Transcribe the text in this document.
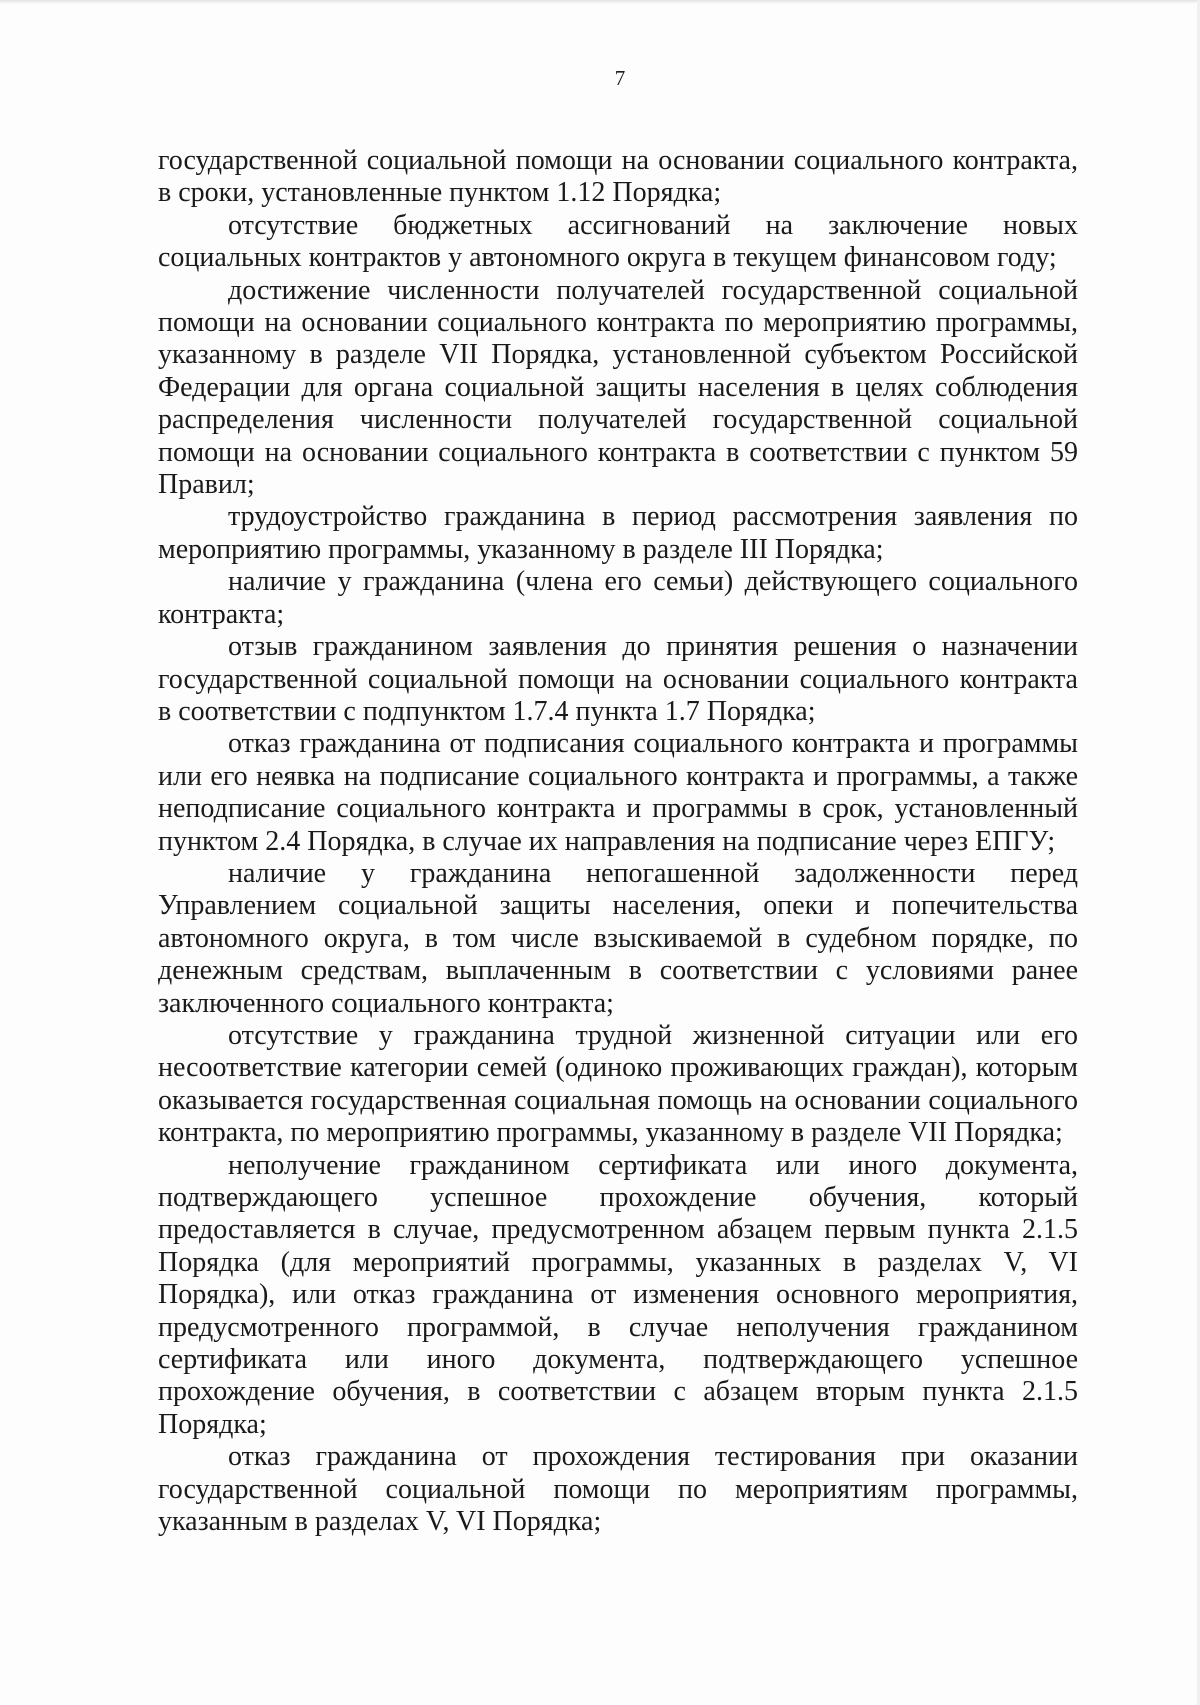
7

государственной социальной помощи на основании социального контракта, в сроки, установленные пунктом 1.12 Порядка;

отсутствие бюджетных ассигнований на заключение новых социальных контрактов у автономного округа в текущем финансовом году;

достижение численности получателей государственной социальной помощи на основании социального контракта по мероприятию программы, указанному в разделе VII Порядка, установленной субъектом Российской Федерации для органа социальной защиты населения в целях соблюдения распределения численности получателей государственной социальной помощи на основании социального контракта в соответствии с пунктом 59 Правил;

трудоустройство гражданина в период рассмотрения заявления по мероприятию программы, указанному в разделе III Порядка;

наличие у гражданина (члена его семьи) действующего социального контракта;

отзыв гражданином заявления до принятия решения о назначении государственной социальной помощи на основании социального контракта в соответствии с подпунктом 1.7.4 пункта 1.7 Порядка;

отказ гражданина от подписания социального контракта и программы или его неявка на подписание социального контракта и программы, а также неподписание социального контракта и программы в срок, установленный пунктом 2.4 Порядка, в случае их направления на подписание через ЕПГУ;

наличие у гражданина непогашенной задолженности перед Управлением социальной защиты населения, опеки и попечительства автономного округа, в том числе взыскиваемой в судебном порядке, по денежным средствам, выплаченным в соответствии с условиями ранее заключенного социального контракта;

отсутствие у гражданина трудной жизненной ситуации или его несоответствие категории семей (одиноко проживающих граждан), которым оказывается государственная социальная помощь на основании социального контракта, по мероприятию программы, указанному в разделе VII Порядка;

неполучение гражданином сертификата или иного документа, подтверждающего успешное прохождение обучения, который предоставляется в случае, предусмотренном абзацем первым пункта 2.1.5 Порядка (для мероприятий программы, указанных в разделах V, VI Порядка), или отказ гражданина от изменения основного мероприятия, предусмотренного программой, в случае неполучения гражданином сертификата или иного документа, подтверждающего успешное прохождение обучения, в соответствии с абзацем вторым пункта 2.1.5 Порядка;

отказ гражданина от прохождения тестирования при оказании государственной социальной помощи по мероприятиям программы, указанным в разделах V, VI Порядка;
